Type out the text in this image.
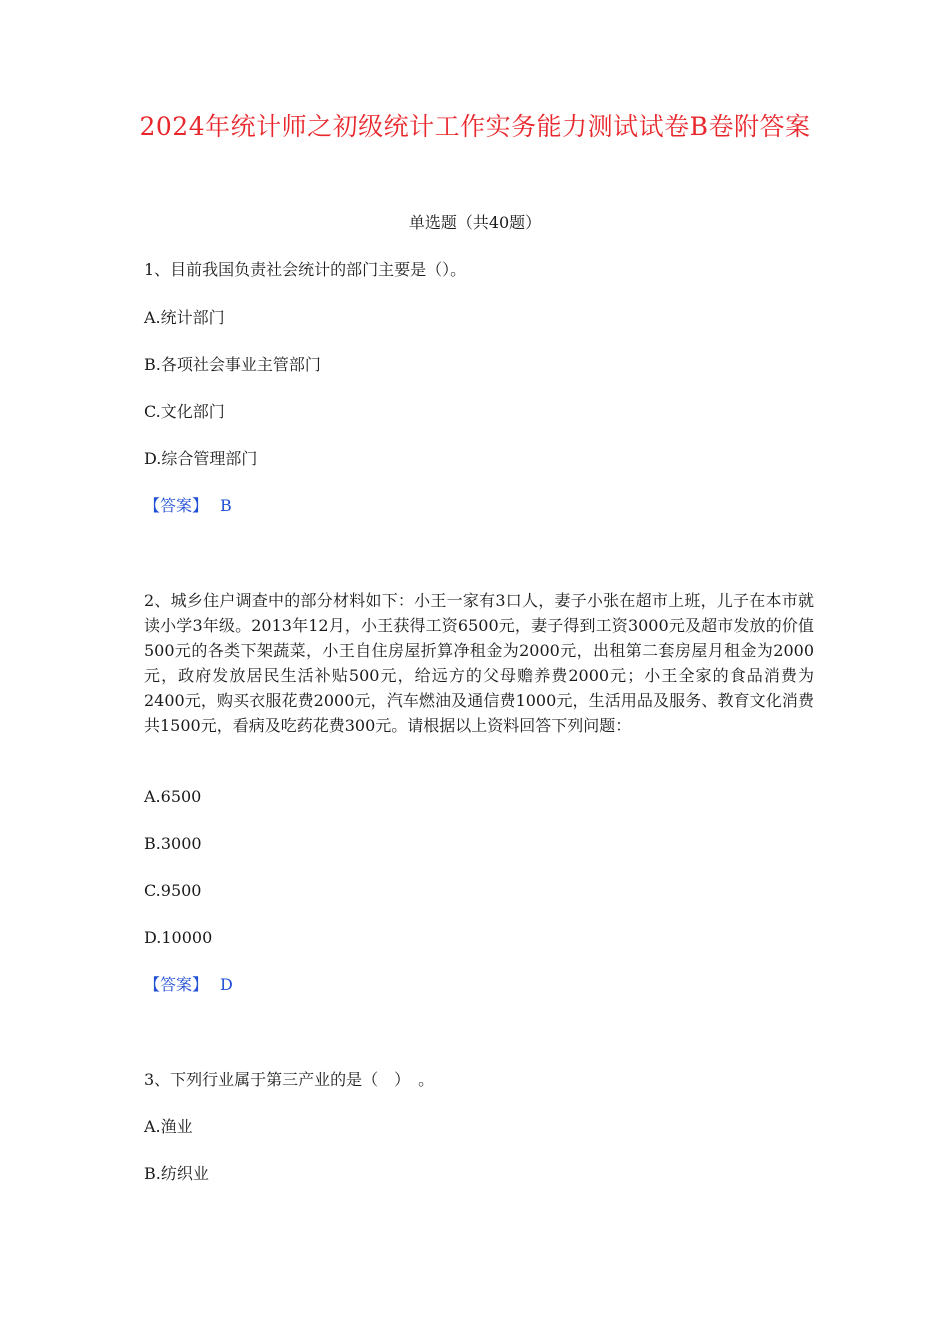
2024年统计师之初级统计工作实务能力测试试卷B卷附答案
单选题（共40题）
1、目前我国负责社会统计的部门主要是（）。
A.统计部门
B.各项社会事业主管部门
C.文化部门
D.综合管理部门
【答案】 B
2、城乡住户调查中的部分材料如下：小王一家有3口人，妻子小张在超市上班，儿子在本市就读小学3年级。2013年12月，小王获得工资6500元，妻子得到工资3000元及超市发放的价值500元的各类下架蔬菜，小王自住房屋折算净租金为2000元，出租第二套房屋月租金为2000元，政府发放居民生活补贴500元，给远方的父母赡养费2000元；小王全家的食品消费为2400元，购买衣服花费2000元，汽车燃油及通信费1000元，生活用品及服务、教育文化消费共1500元，看病及吃药花费300元。请根据以上资料回答下列问题：
A.6500
B.3000
C.9500
D.10000
【答案】 D
3、下列行业属于第三产业的是（　）　。
A.渔业
B.纺织业
